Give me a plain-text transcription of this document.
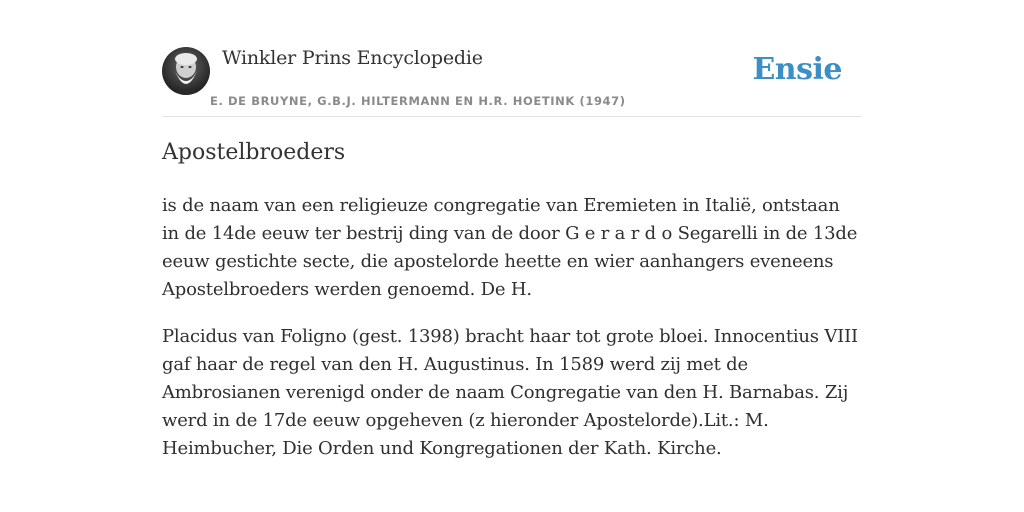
Winkler Prins Encyclopedie
E. DE BRUYNE, G.B.J. HILTERMANN EN H.R. HOETINK (1947)
Ensie
Apostelbroeders

is de naam van een religieuze congregatie van Eremieten in Italië, ontstaan in de 14de eeuw ter bestrij ding van de door G e r a r d o Segarelli in de 13de eeuw gestichte secte, die apostelorde heette en wier aanhangers eveneens Apostelbroeders werden genoemd. De H.

Placidus van Foligno (gest. 1398) bracht haar tot grote bloei. Innocentius VIII gaf haar de regel van den H. Augustinus. In 1589 werd zij met de Ambrosianen verenigd onder de naam Congregatie van den H. Barnabas. Zij werd in de 17de eeuw opgeheven (z hieronder Apostelorde).Lit.: M. Heimbucher, Die Orden und Kongregationen der Kath. Kirche.
